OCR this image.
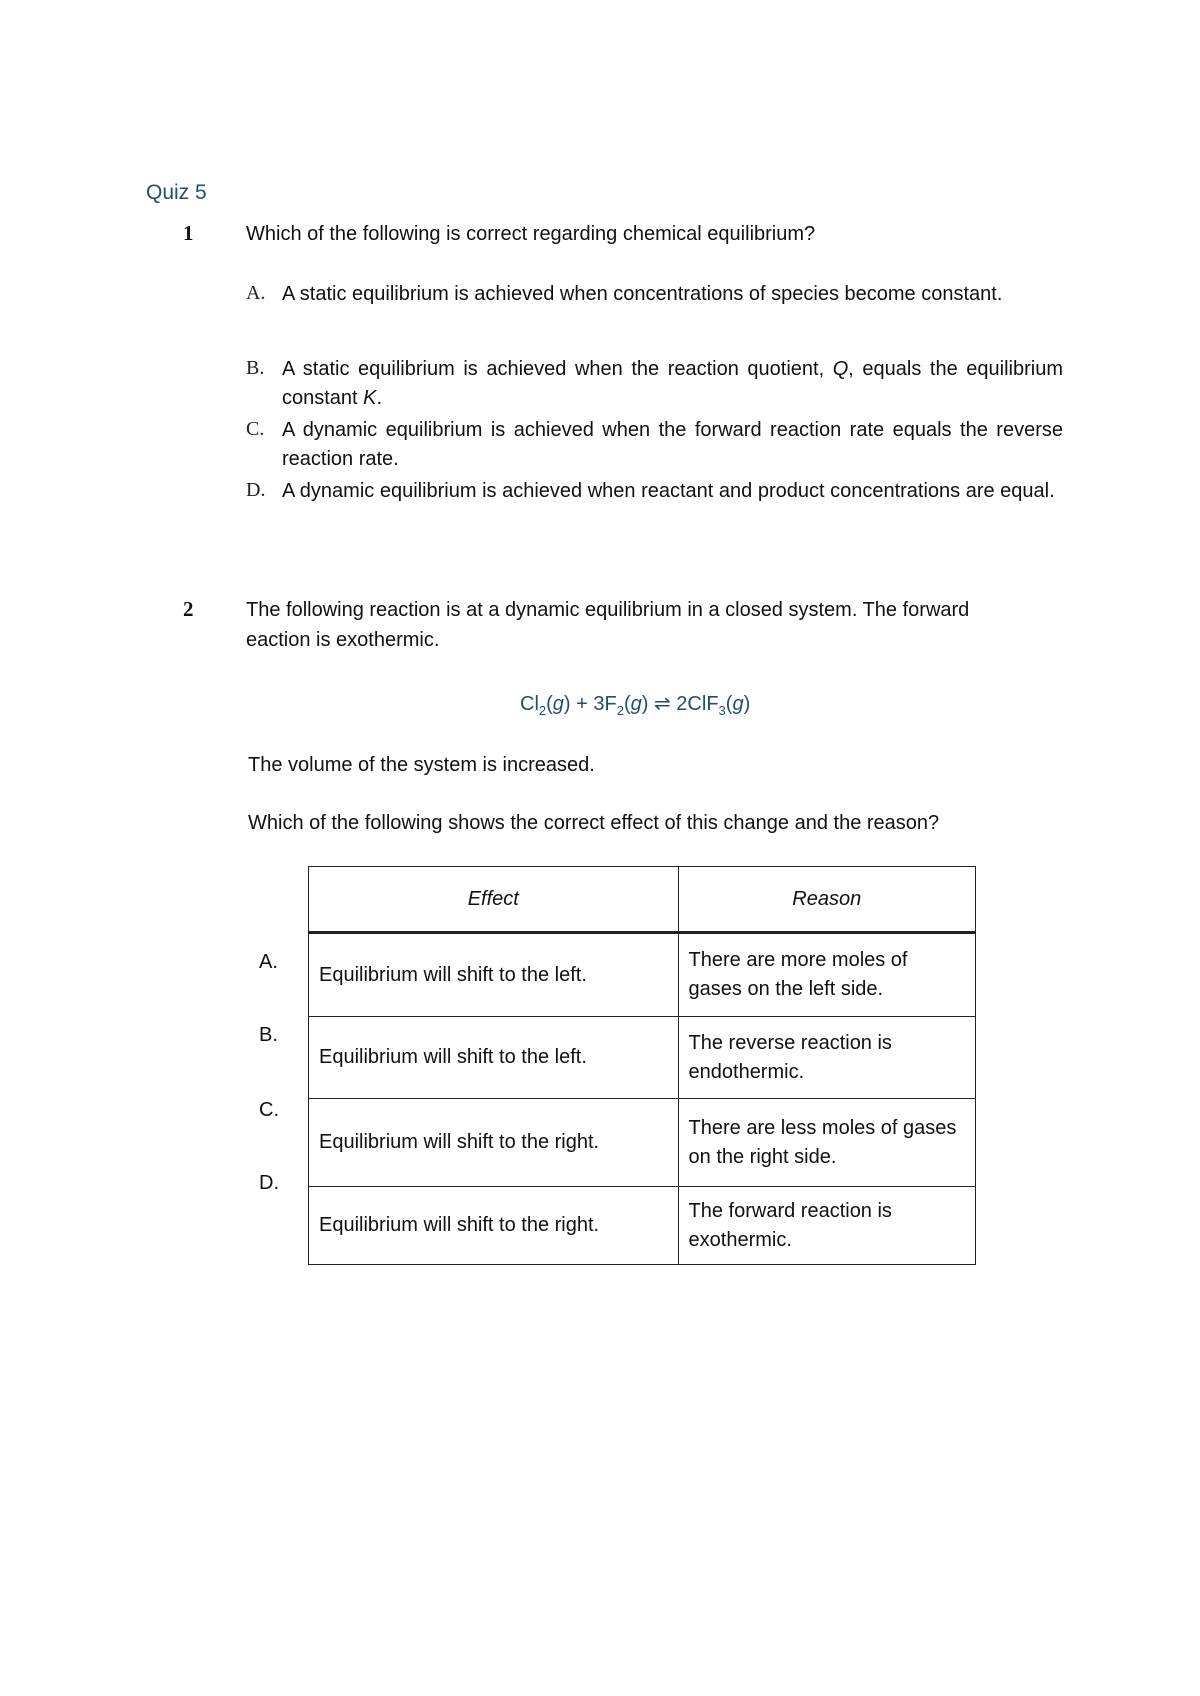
Quiz 5
1	Which of the following is correct regarding chemical equilibrium?
A. A static equilibrium is achieved when concentrations of species become constant.
B. A static equilibrium is achieved when the reaction quotient, Q, equals the equilibrium constant K.
C. A dynamic equilibrium is achieved when the forward reaction rate equals the reverse reaction rate.
D. A dynamic equilibrium is achieved when reactant and product concentrations are equal.
2	The following reaction is at a dynamic equilibrium in a closed system. The forward
eaction is exothermic.
$Cl_2(g) + 3F_2(g)$ ⇌ 2ClF$_3$(g)
The volume of the system is increased.
Which of the following shows the correct effect of this change and the reason?
A.
B.
C.
D.
Effect	Reason
Equilibrium will shift to the left.	There are more moles of gases on the left side.
Equilibrium will shift to the left.	The reverse reaction is endothermic.
Equilibrium will shift to the right.	There are less moles of gases on the right side.
Equilibrium will shift to the right.	The forward reaction is exothermic.
